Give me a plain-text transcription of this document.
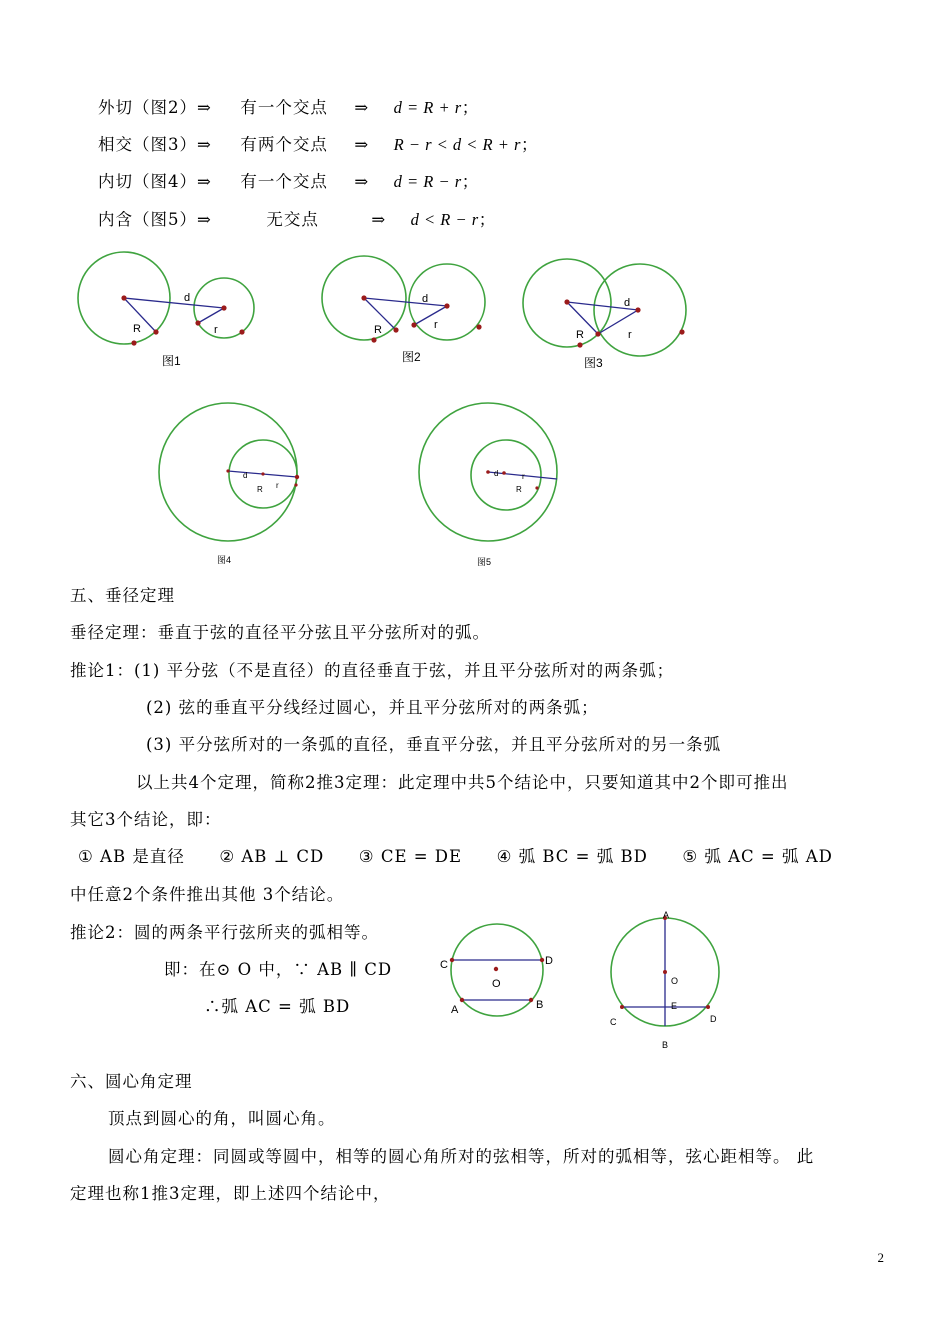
外切（图2）⇒ 有一个交点 ⇒ d = R + r；
相交（图3）⇒ 有两个交点 ⇒ R − r < d < R + r；
内切（图4）⇒ 有一个交点 ⇒ d = R − r；
内含（图5）⇒	无交点	⇒ d < R − r；
d
R	r
图1
d
R	r
图2
d
R	r
图3
d
R r
图4
d
R
r
图5
五、垂径定理
垂径定理：垂直于弦的直径平分弦且平分弦所对的弧。
推论1：(1) 平分弦（不是直径）的直径垂直于弦，并且平分弦所对的两条弧；
(2) 弦的垂直平分线经过圆心，并且平分弦所对的两条弧；
(3) 平分弦所对的一条弧的直径，垂直平分弦，并且平分弦所对的另一条弧
以上共4个定理，简称2推3定理：此定理中共5个结论中，只要知道其中2个即可推出
其它3个结论，即：
① AB 是直径 ② AB ⊥ CD ③ CE = DE ④ 弧 BC = 弧 BD ⑤ 弧 AC = 弧 AD
中任意2个条件推出其他 3个结论。
推论2：圆的两条平行弦所夹的弧相等。
即：在⊙ O 中，∵ AB ∥ CD
∴弧 AC = 弧 BD
C	D
O
A	B
A
O
E
C	D
B
六、圆心角定理
顶点到圆心的角，叫圆心角。
圆心角定理：同圆或等圆中，相等的圆心角所对的弦相等，所对的弧相等，弦心距相等。 此
定理也称1推3定理，即上述四个结论中，
2
